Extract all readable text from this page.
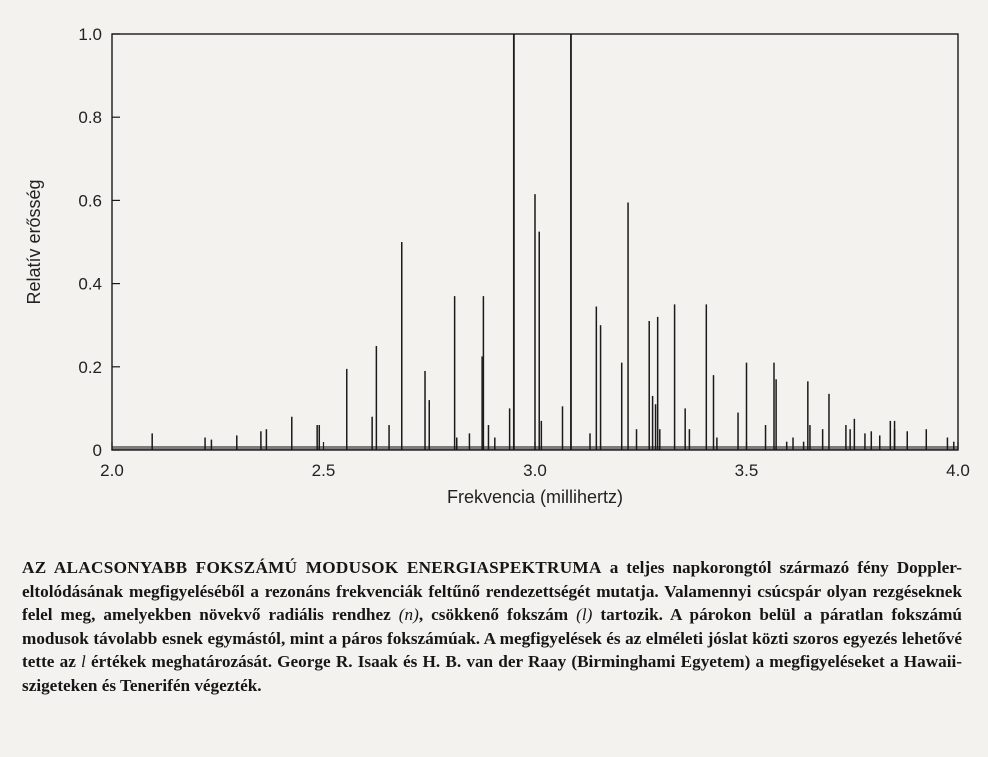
2.0	2.5	3.0	3.5	4.0
0
0.2
0.4
0.6
0.8
1.0
Frekvencia (millihertz)
Relatív erősség
AZ ALACSONYABB FOKSZÁMÚ MODUSOK ENERGIASPEKTRUMA a teljes napkorongtól származó fény Doppler-eltolódásának megfigyeléséből a rezonáns frekvenciák feltűnő rendezettségét mutatja. Valamennyi csúcspár olyan rezgéseknek felel meg, amelyekben növekvő radiális rendhez (n), csökkenő fokszám (l) tartozik. A párokon belül a páratlan fokszámú modusok távolabb esnek egymástól, mint a páros fokszámúak. A megfigyelések és az elméleti jóslat közti szoros egyezés lehetővé tette az l értékek meghatározását. George R. Isaak és H. B. van der Raay (Birminghami Egyetem) a megfigyeléseket a Hawaii-szigeteken és Tenerifén végezték.
